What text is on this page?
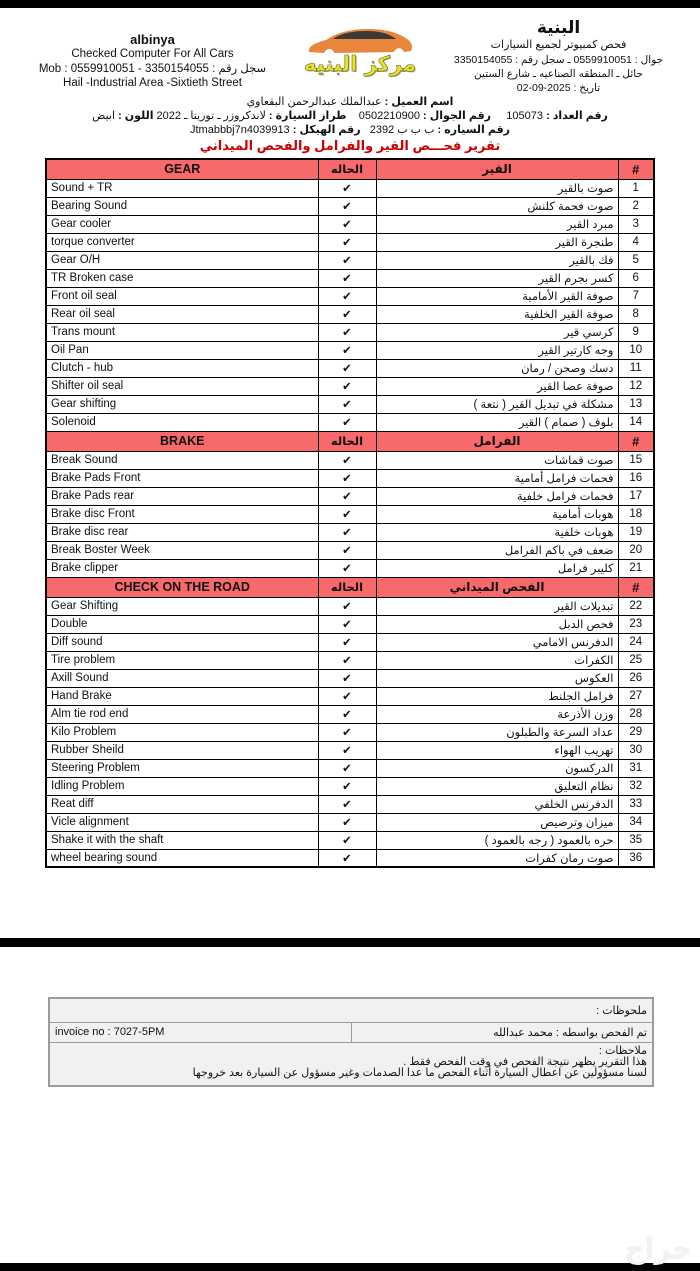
albinya
Checked Computer For All Cars
Mob : 0559910051 - 3350154055 : سجل رقم
Hail -Industrial Area -Sixtieth Street
مركز البنيه
البنية
فحص كمبيوتر لجميع السيارات
جوال : 0559910051 ـ سجل رقم : 3350154055
حائل ـ المنطقه الصناعيه ـ شارع الستين
تاريخ : 2025-09-02
اسم العميل : عبدالملك عبدالرحمن البقعاوي
رقم العداد : 105073     رقم الجوال : 0502210900    طراز السيارة : لاندكروزر ـ توريتا ـ 2022 اللون : ابيض
رقم السياره : ب ب ب 2392   رقم الهيكل : Jtmabbbj7n4039913
تقرير فحـــص القير والفرامل والفحص الميداني
GEAR	الحاله	القير	#
Sound + TR	✔	صوت بالقير	1
Bearing Sound	✔	صوت فحمة كلنش	2
Gear cooler	✔	مبرد القير	3
torque converter	✔	طنجرة القير	4
Gear O/H	✔	فك بالقير	5
TR Broken case	✔	كسر بجرم القير	6
Front oil seal	✔	صوفة القير الأمامية	7
Rear oil seal	✔	صوفة القير الخلفية	8
Trans mount	✔	كرسي قير	9
Oil Pan	✔	وجه كارتير القير	10
Clutch - hub	✔	دسك وصحن / رمان	11
Shifter oil seal	✔	صوفة عصا القير	12
Gear shifting	✔	مشكلة في تبديل القير ( نتعة )	13
Solenoid	✔	بلوف ( صمام ) القير	14
BRAKE	الحاله	الفرامل	#
Break Sound	✔	صوت قماشات	15
Brake Pads Front	✔	فحمات فرامل أمامية	16
Brake Pads rear	✔	فحمات فرامل خلفية	17
Brake disc Front	✔	هوبات أمامية	18
Brake disc rear	✔	هوبات خلفية	19
Break Boster Week	✔	ضعف في باكم الفرامل	20
Brake clipper	✔	كليبر فرامل	21
CHECK ON THE ROAD	الحاله	الفحص الميداني	#
Gear Shifting	✔	تبديلات القير	22
Double	✔	فحص الدبل	23
Diff sound	✔	الدفرنس الامامي	24
Tire problem	✔	الكفرات	25
Axill Sound	✔	العكوس	26
Hand Brake	✔	فرامل الجلنط	27
Alm tie rod end	✔	وزن الأذرعة	28
Kilo Problem	✔	عداد السرعة والطبلون	29
Rubber Sheild	✔	تهريب الهواء	30
Steering Problem	✔	الدركسون	31
Idling Problem	✔	نظام التعليق	32
Reat diff	✔	الدفرنس الخلفي	33
Vicle alignment	✔	ميزان وترصيص	34
Shake it with the shaft	✔	حره بالعمود ( رجه بالعمود )	35
wheel bearing sound	✔	صوت رمان كفرات	36
ملحوظات :
invoice no : 7027-5PM	تم الفحص بواسطه : محمد عبدالله

ملاحظات :
هذا التقرير يظهر نتيجة الفحص في وقت الفحص فقط .
لسنا مسؤولين عن اعطال السيارة أثناء الفحص ما عدا الصدمات وغير مسؤول عن السيارة بعد خروجها
حراج
